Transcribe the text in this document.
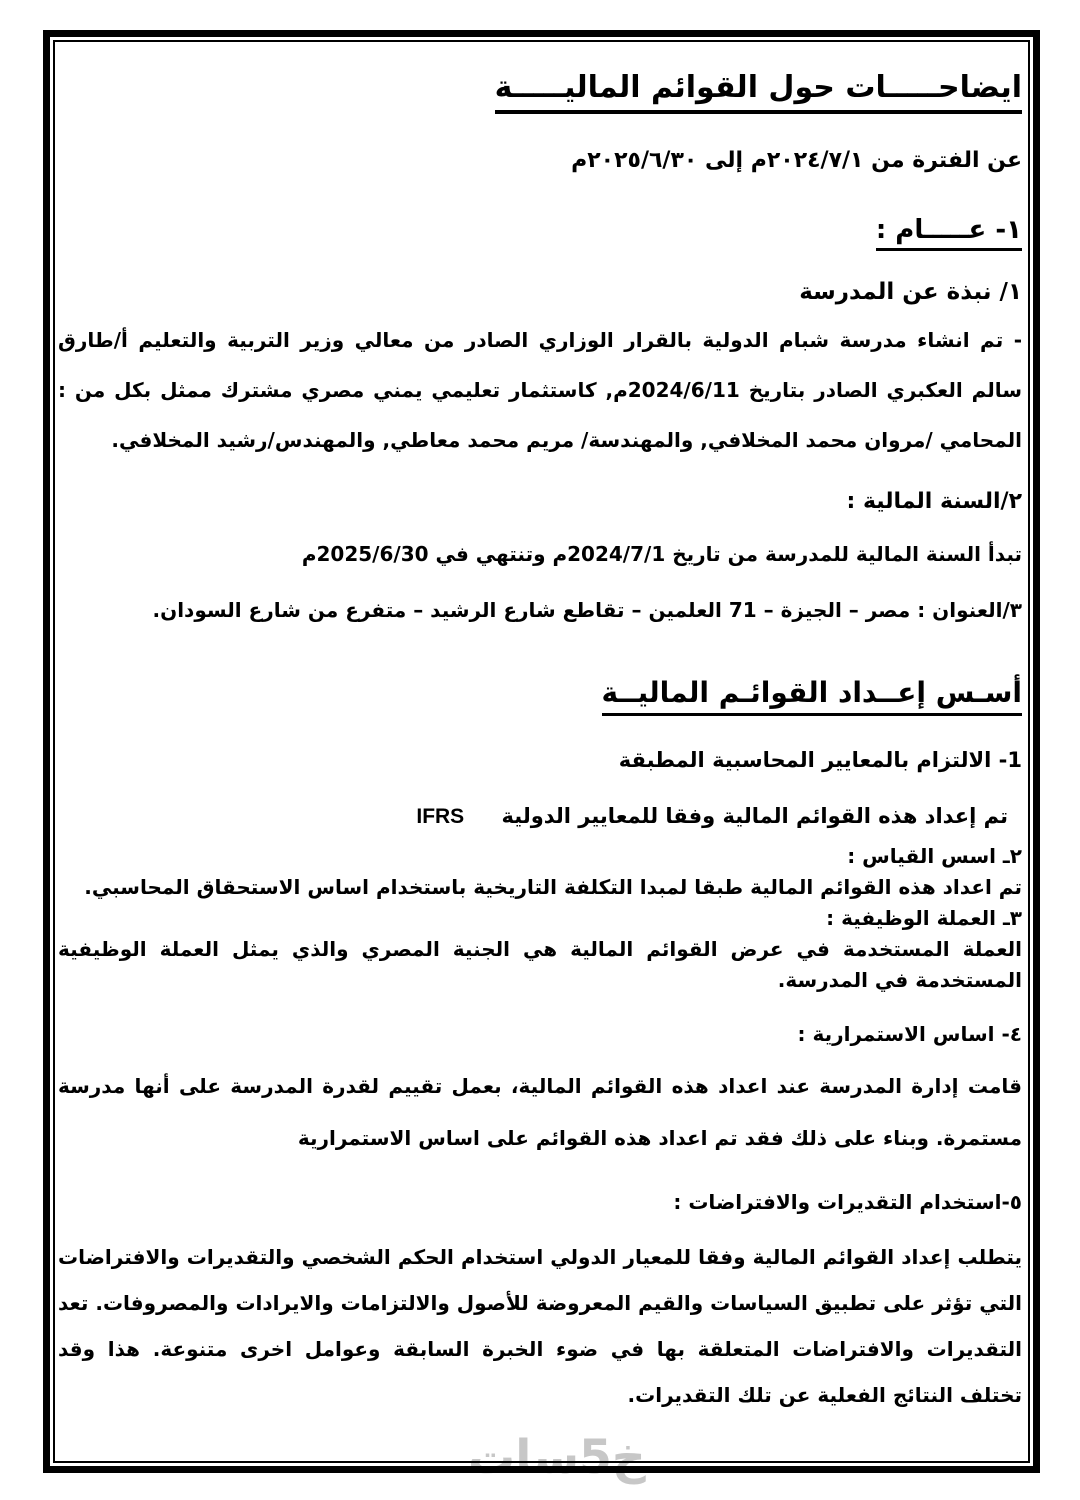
خ5سات
ايضاحـــــات حول القوائم الماليـــــة
عن الفترة من ٢٠٢٤/٧/١م إلى ٢٠٢٥/٦/٣٠م
١- عـــــام :
١/ نبذة عن المدرسة
- تم انشاء مدرسة شبام الدولية بالقرار الوزاري الصادر من معالي وزير التربية والتعليم أ/طارق سالم العكبري الصادر بتاريخ 2024/6/11م, كاستثمار تعليمي يمني مصري مشترك ممثل بكل من : المحامي /مروان محمد المخلافي, والمهندسة/ مريم محمد معاطي, والمهندس/رشيد المخلافي.
٢/السنة المالية :
تبدأ السنة المالية للمدرسة من تاريخ 2024/7/1م وتنتهي في 2025/6/30م
٣/العنوان : مصر – الجيزة – 71 العلمين – تقاطع شارع الرشيد – متفرع من شارع السودان.
أسـس إعــداد القوائـم الماليــة
1- الالتزام بالمعايير المحاسبية المطبقة
تم إعداد هذه القوائم المالية وفقا للمعايير الدولية IFRS
٢ـ اسس القياس :
تم اعداد هذه القوائم المالية طبقا لمبدا التكلفة التاريخية باستخدام اساس الاستحقاق المحاسبي.
٣ـ العملة الوظيفية :
العملة المستخدمة في عرض القوائم المالية هي الجنية المصري والذي يمثل العملة الوظيفية المستخدمة في المدرسة.
٤- اساس الاستمرارية :
قامت إدارة المدرسة عند اعداد هذه القوائم المالية، بعمل تقييم لقدرة المدرسة على أنها مدرسة مستمرة. وبناء على ذلك فقد تم اعداد هذه القوائم على اساس الاستمرارية
٥-استخدام التقديرات والافتراضات :
يتطلب إعداد القوائم المالية وفقا للمعيار الدولي استخدام الحكم الشخصي والتقديرات والافتراضات التي تؤثر على تطبيق السياسات والقيم المعروضة للأصول والالتزامات والايرادات والمصروفات. تعد التقديرات والافتراضات المتعلقة بها في ضوء الخبرة السابقة وعوامل اخرى متنوعة. هذا وقد تختلف النتائج الفعلية عن تلك التقديرات.
